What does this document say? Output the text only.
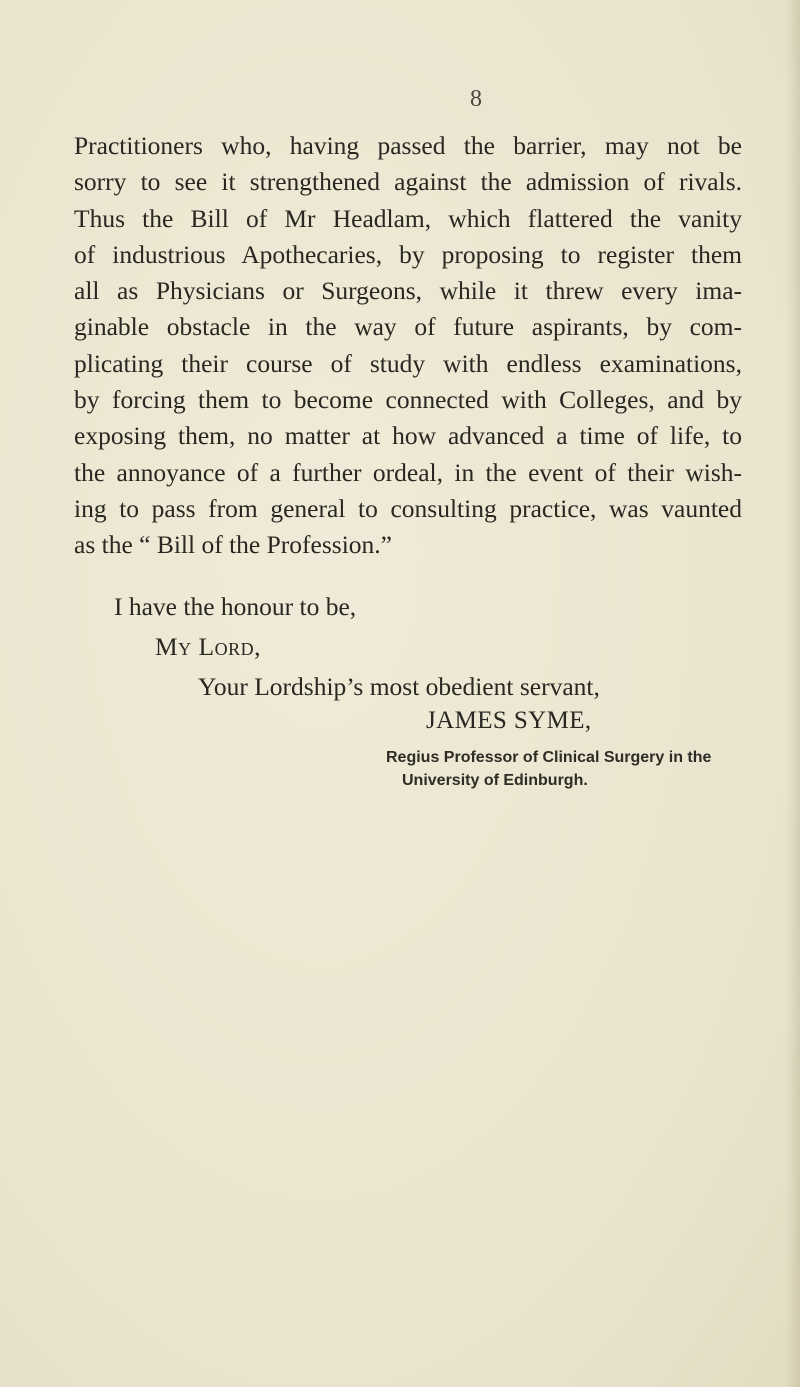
8
Practitioners who, having passed the barrier, may not be
sorry to see it strengthened against the admission of rivals.
Thus the Bill of Mr Headlam, which flattered the vanity
of industrious Apothecaries, by proposing to register them
all as Physicians or Surgeons, while it threw every ima-
ginable obstacle in the way of future aspirants, by com-
plicating their course of study with endless examinations,
by forcing them to become connected with Colleges, and by
exposing them, no matter at how advanced a time of life, to
the annoyance of a further ordeal, in the event of their wish-
ing to pass from general to consulting practice, was vaunted
as the “ Bill of the Profession.”
I have the honour to be,
My Lord,
Your Lordship’s most obedient servant,
JAMES SYME,
Regius Professor of Clinical Surgery in the
University of Edinburgh.
